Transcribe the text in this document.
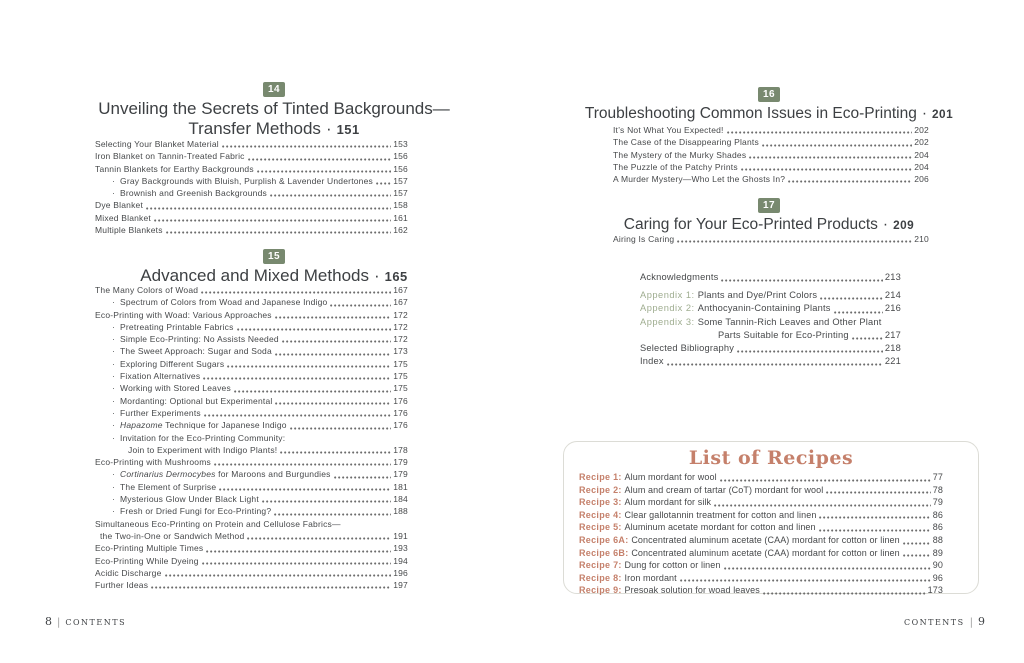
14
Unveiling the Secrets of Tinted Backgrounds—
Transfer Methods · 151
Selecting Your Blanket Material	153
Iron Blanket on Tannin-Treated Fabric	156
Tannin Blankets for Earthy Backgrounds	156
· Gray Backgrounds with Bluish, Purplish & Lavender Undertones 157
· Brownish and Greenish Backgrounds	157
Dye Blanket	158
Mixed Blanket	161
Multiple Blankets	162
15
Advanced and Mixed Methods · 165
The Many Colors of Woad	167
· Spectrum of Colors from Woad and Japanese Indigo	167
Eco-Printing with Woad: Various Approaches	172
· Pretreating Printable Fabrics	172
· Simple Eco-Printing: No Assists Needed	172
· The Sweet Approach: Sugar and Soda	173
· Exploring Different Sugars	175
· Fixation Alternatives	175
· Working with Stored Leaves	175
· Mordanting: Optional but Experimental	176
· Further Experiments	176
· Hapazome Technique for Japanese Indigo	176
· Invitation for the Eco-Printing Community:
Join to Experiment with Indigo Plants!	178
Eco-Printing with Mushrooms	179
· Cortinarius Dermocybes for Maroons and Burgundies	179
· The Element of Surprise	181
· Mysterious Glow Under Black Light	184
· Fresh or Dried Fungi for Eco-Printing?	188
Simultaneous Eco-Printing on Protein and Cellulose Fabrics—
the Two-in-One or Sandwich Method	191
Eco-Printing Multiple Times	193
Eco-Printing While Dyeing	194
Acidic Discharge	196
Further Ideas	197
16
Troubleshooting Common Issues in Eco-Printing · 201
It’s Not What You Expected!	202
The Case of the Disappearing Plants	202
The Mystery of the Murky Shades	204
The Puzzle of the Patchy Prints	204
A Murder Mystery—Who Let the Ghosts In?	206
17
Caring for Your Eco-Printed Products · 209
Airing Is Caring	210
Acknowledgments	213
Appendix 1: Plants and Dye/Print Colors	214
Appendix 2: Anthocyanin-Containing Plants	216
Appendix 3: Some Tannin-Rich Leaves and Other Plant
Parts Suitable for Eco-Printing	217
Selected Bibliography	218
Index	221
List of Recipes
Recipe 1: Alum mordant for wool	77
Recipe 2: Alum and cream of tartar (CoT) mordant for wool	78
Recipe 3: Alum mordant for silk	79
Recipe 4: Clear gallotannin treatment for cotton and linen	86
Recipe 5: Aluminum acetate mordant for cotton and linen	86
Recipe 6A: Concentrated aluminum acetate (CAA) mordant for cotton or linen	88
Recipe 6B: Concentrated aluminum acetate (CAA) mordant for cotton or linen	89
Recipe 7: Dung for cotton or linen	90
Recipe 8: Iron mordant	96
Recipe 9: Presoak solution for woad leaves	173
8 | CONTENTS	CONTENTS | 9
